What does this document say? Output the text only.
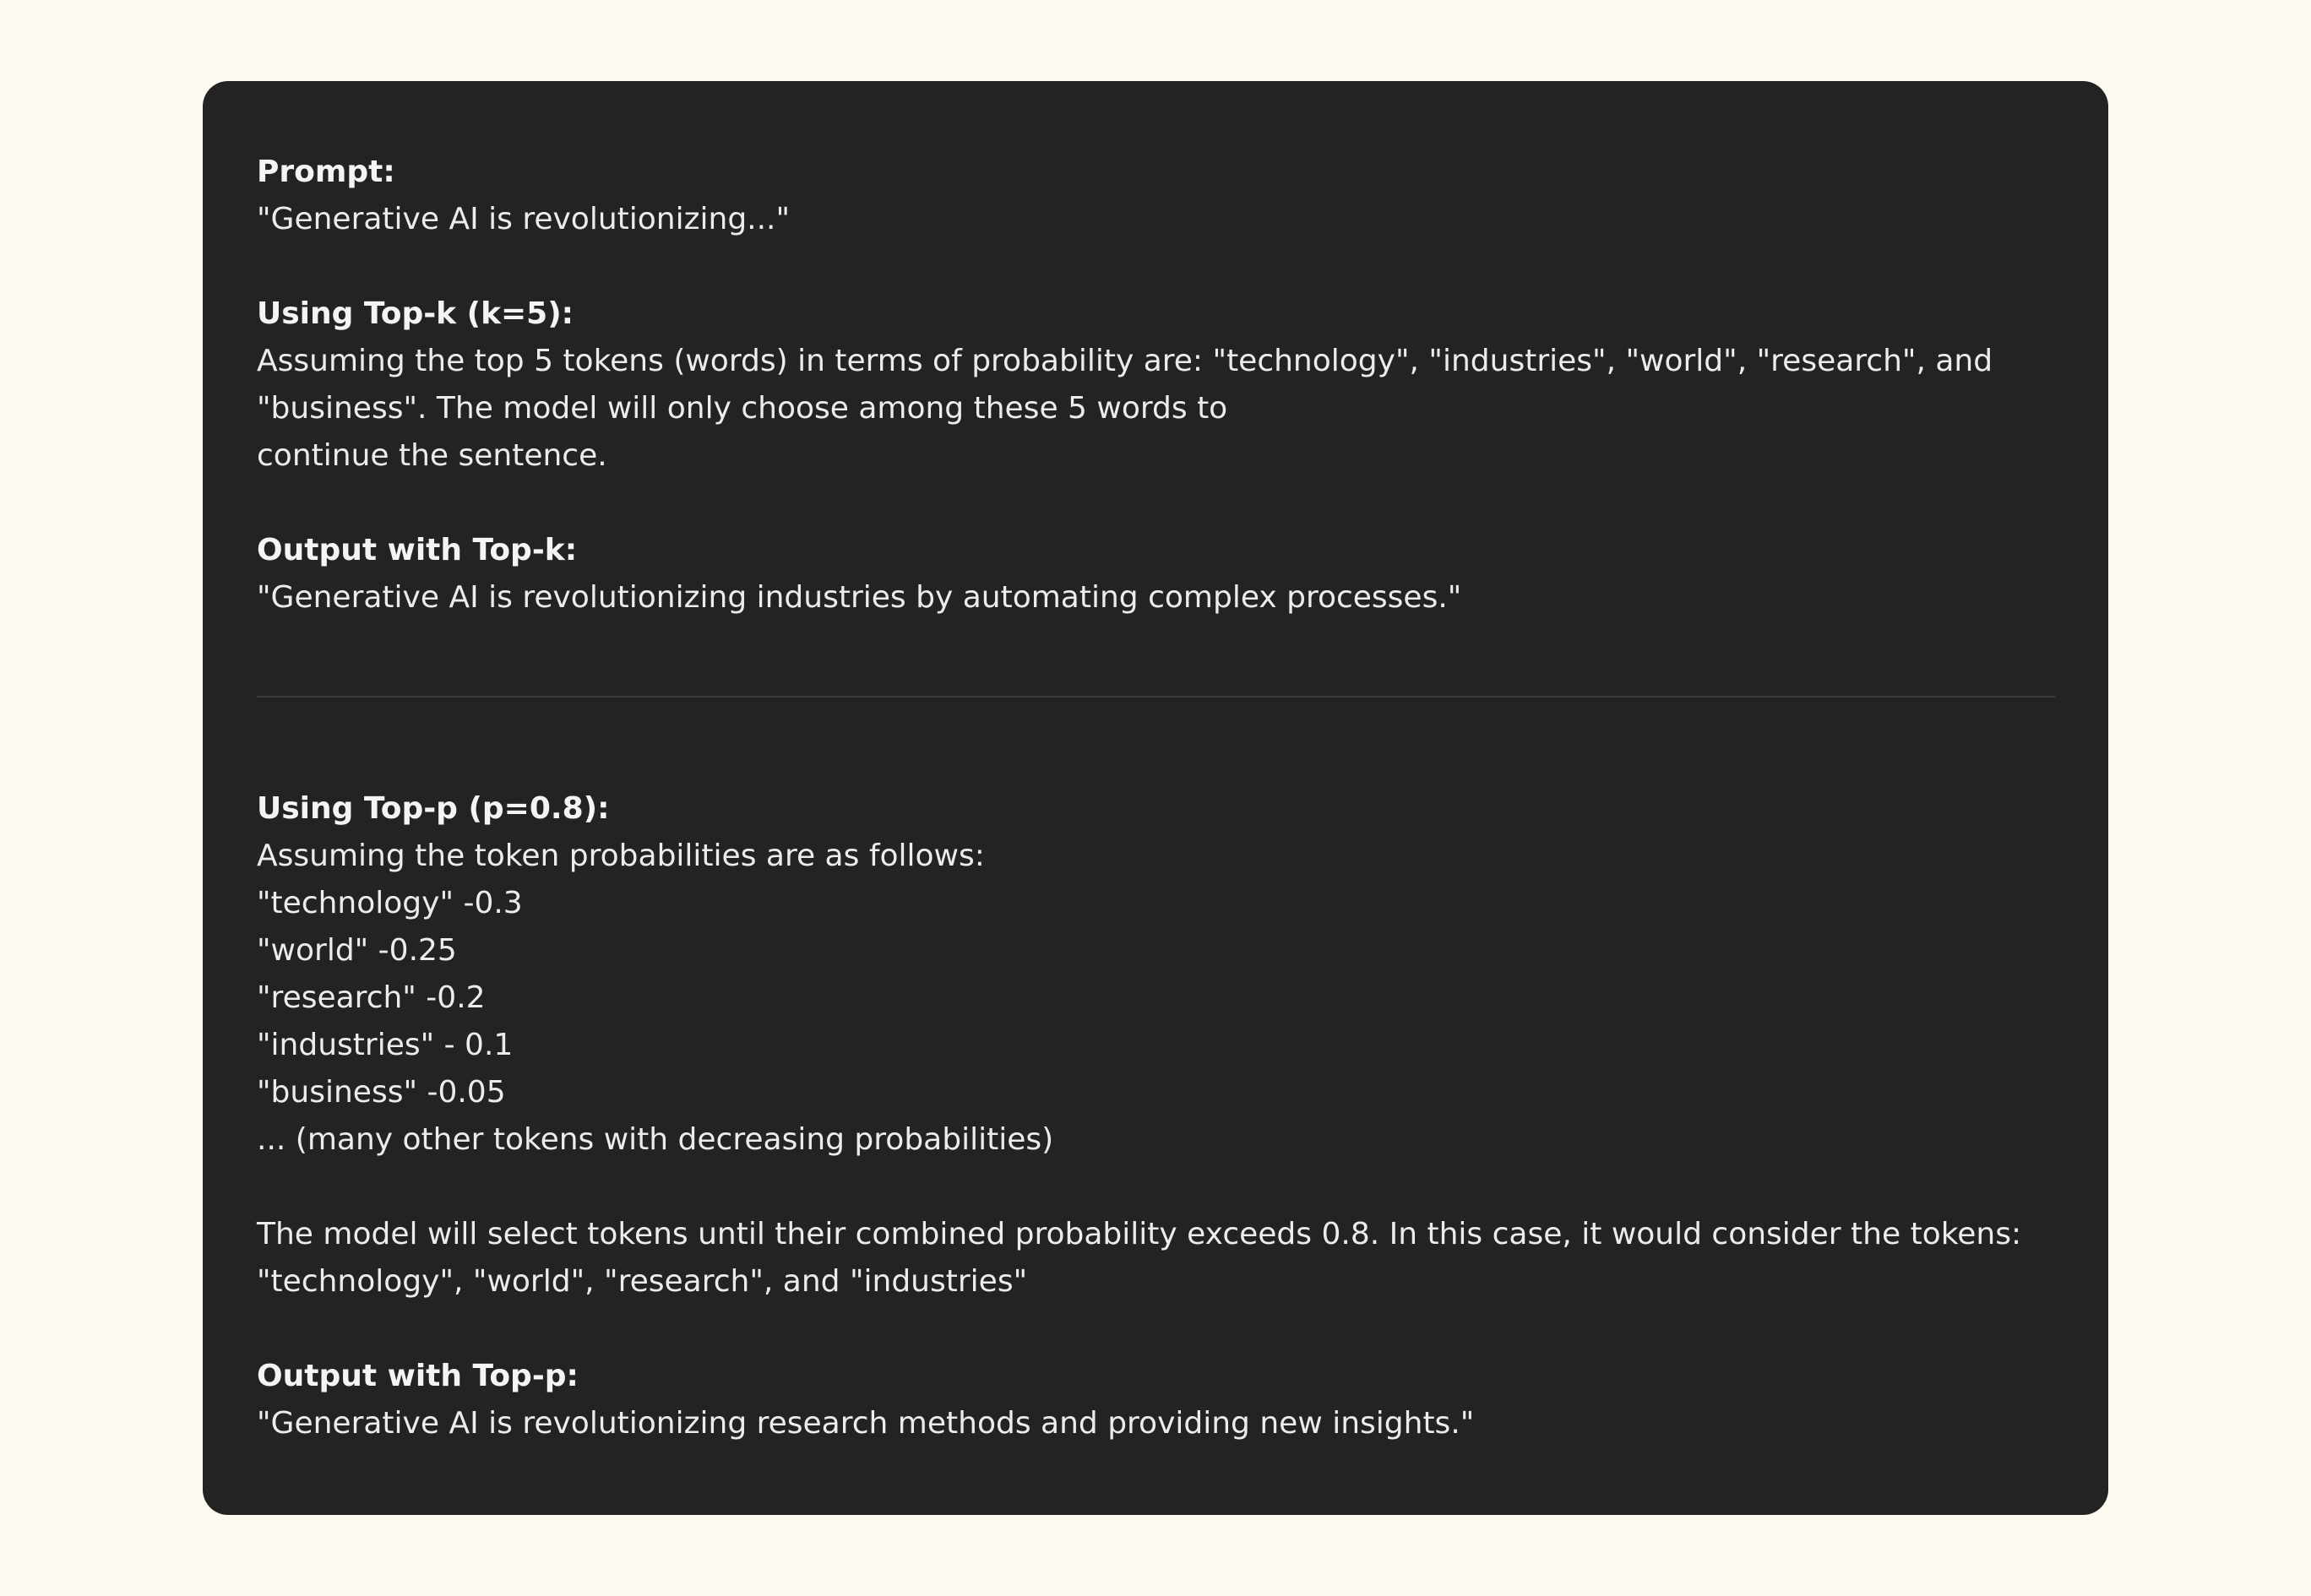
Prompt:
"Generative AI is revolutionizing..."
Using Top-k (k=5):
Assuming the top 5 tokens (words) in terms of probability are: "technology", "industries", "world", "research", and
"business". The model will only choose among these 5 words to
continue the sentence.
Output with Top-k:
"Generative AI is revolutionizing industries by automating complex processes."
Using Top-p (p=0.8):
Assuming the token probabilities are as follows:
"technology" -0.3
"world" -0.25
"research" -0.2
"industries" - 0.1
"business" -0.05
... (many other tokens with decreasing probabilities)
The model will select tokens until their combined probability exceeds 0.8. In this case, it would consider the tokens:
"technology", "world", "research", and "industries"
Output with Top-p:
"Generative AI is revolutionizing research methods and providing new insights."
